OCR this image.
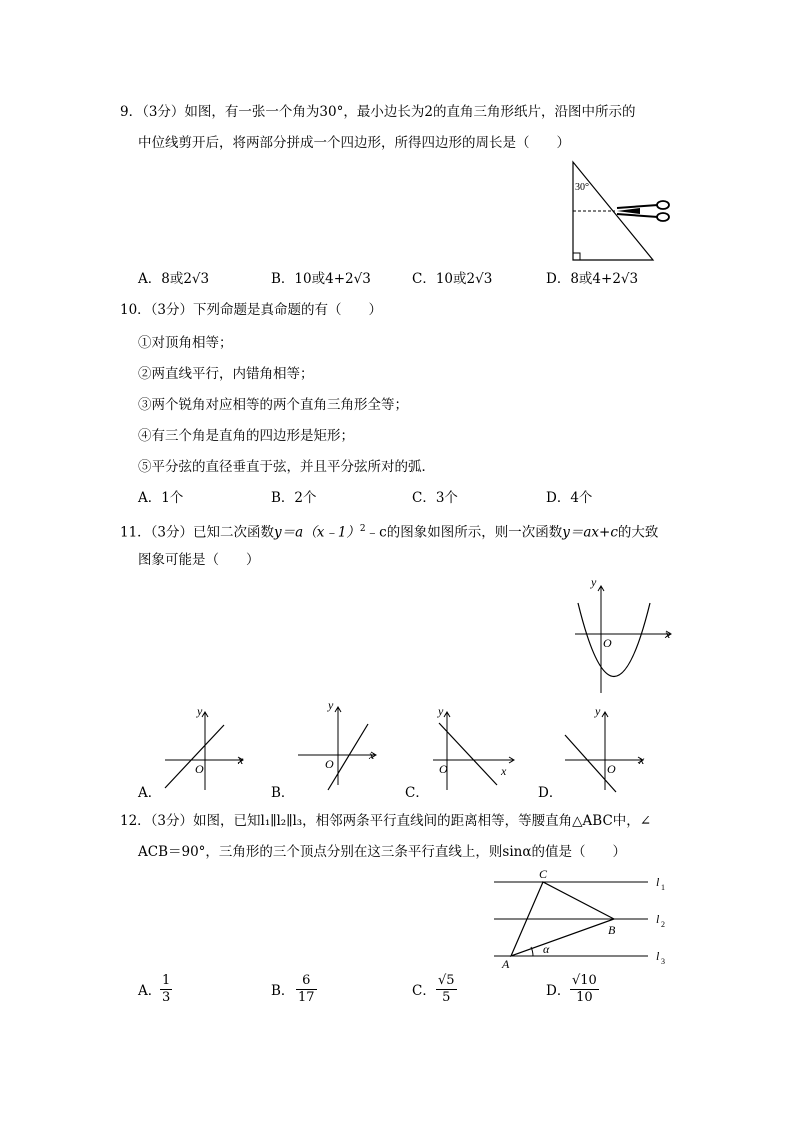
9．（3分）如图，有一张一个角为30°，最小边长为2的直角三角形纸片，沿图中所示的
中位线剪开后，将两部分拼成一个四边形，所得四边形的周长是（　　）
30°
A．8或2√3	B．10或4+2√3	C．10或2√3	D．8或4+2√3
10．（3分）下列命题是真命题的有（　　）
①对顶角相等；
②两直线平行，内错角相等；
③两个锐角对应相等的两个直角三角形全等；
④有三个角是直角的四边形是矩形；
⑤平分弦的直径垂直于弦，并且平分弦所对的弧．
A．1个	B．2个	C．3个	D．4个
11．（3分）已知二次函数y＝a（x﹣1）$^2$﹣c的图象如图所示，则一次函数y＝ax+c的大致
图象可能是（　　）
x
y
O
A．
x
y
O
B．
x
y
O
C．
x
y
O
D．
x
y
O
12．（3分）如图，已知l₁∥l₂∥l₃，相邻两条平行直线间的距离相等，等腰直角△ABC中，∠
ACB＝90°，三角形的三个顶点分别在这三条平行直线上，则sinα的值是（　　）
C
B
A
α
l 1
l 2
l 3
A．
$\frac{1}{3}$	B． $\frac{6}{17}$	C． $\frac{√5}{5}$	D． $\frac{√10}{10}$
